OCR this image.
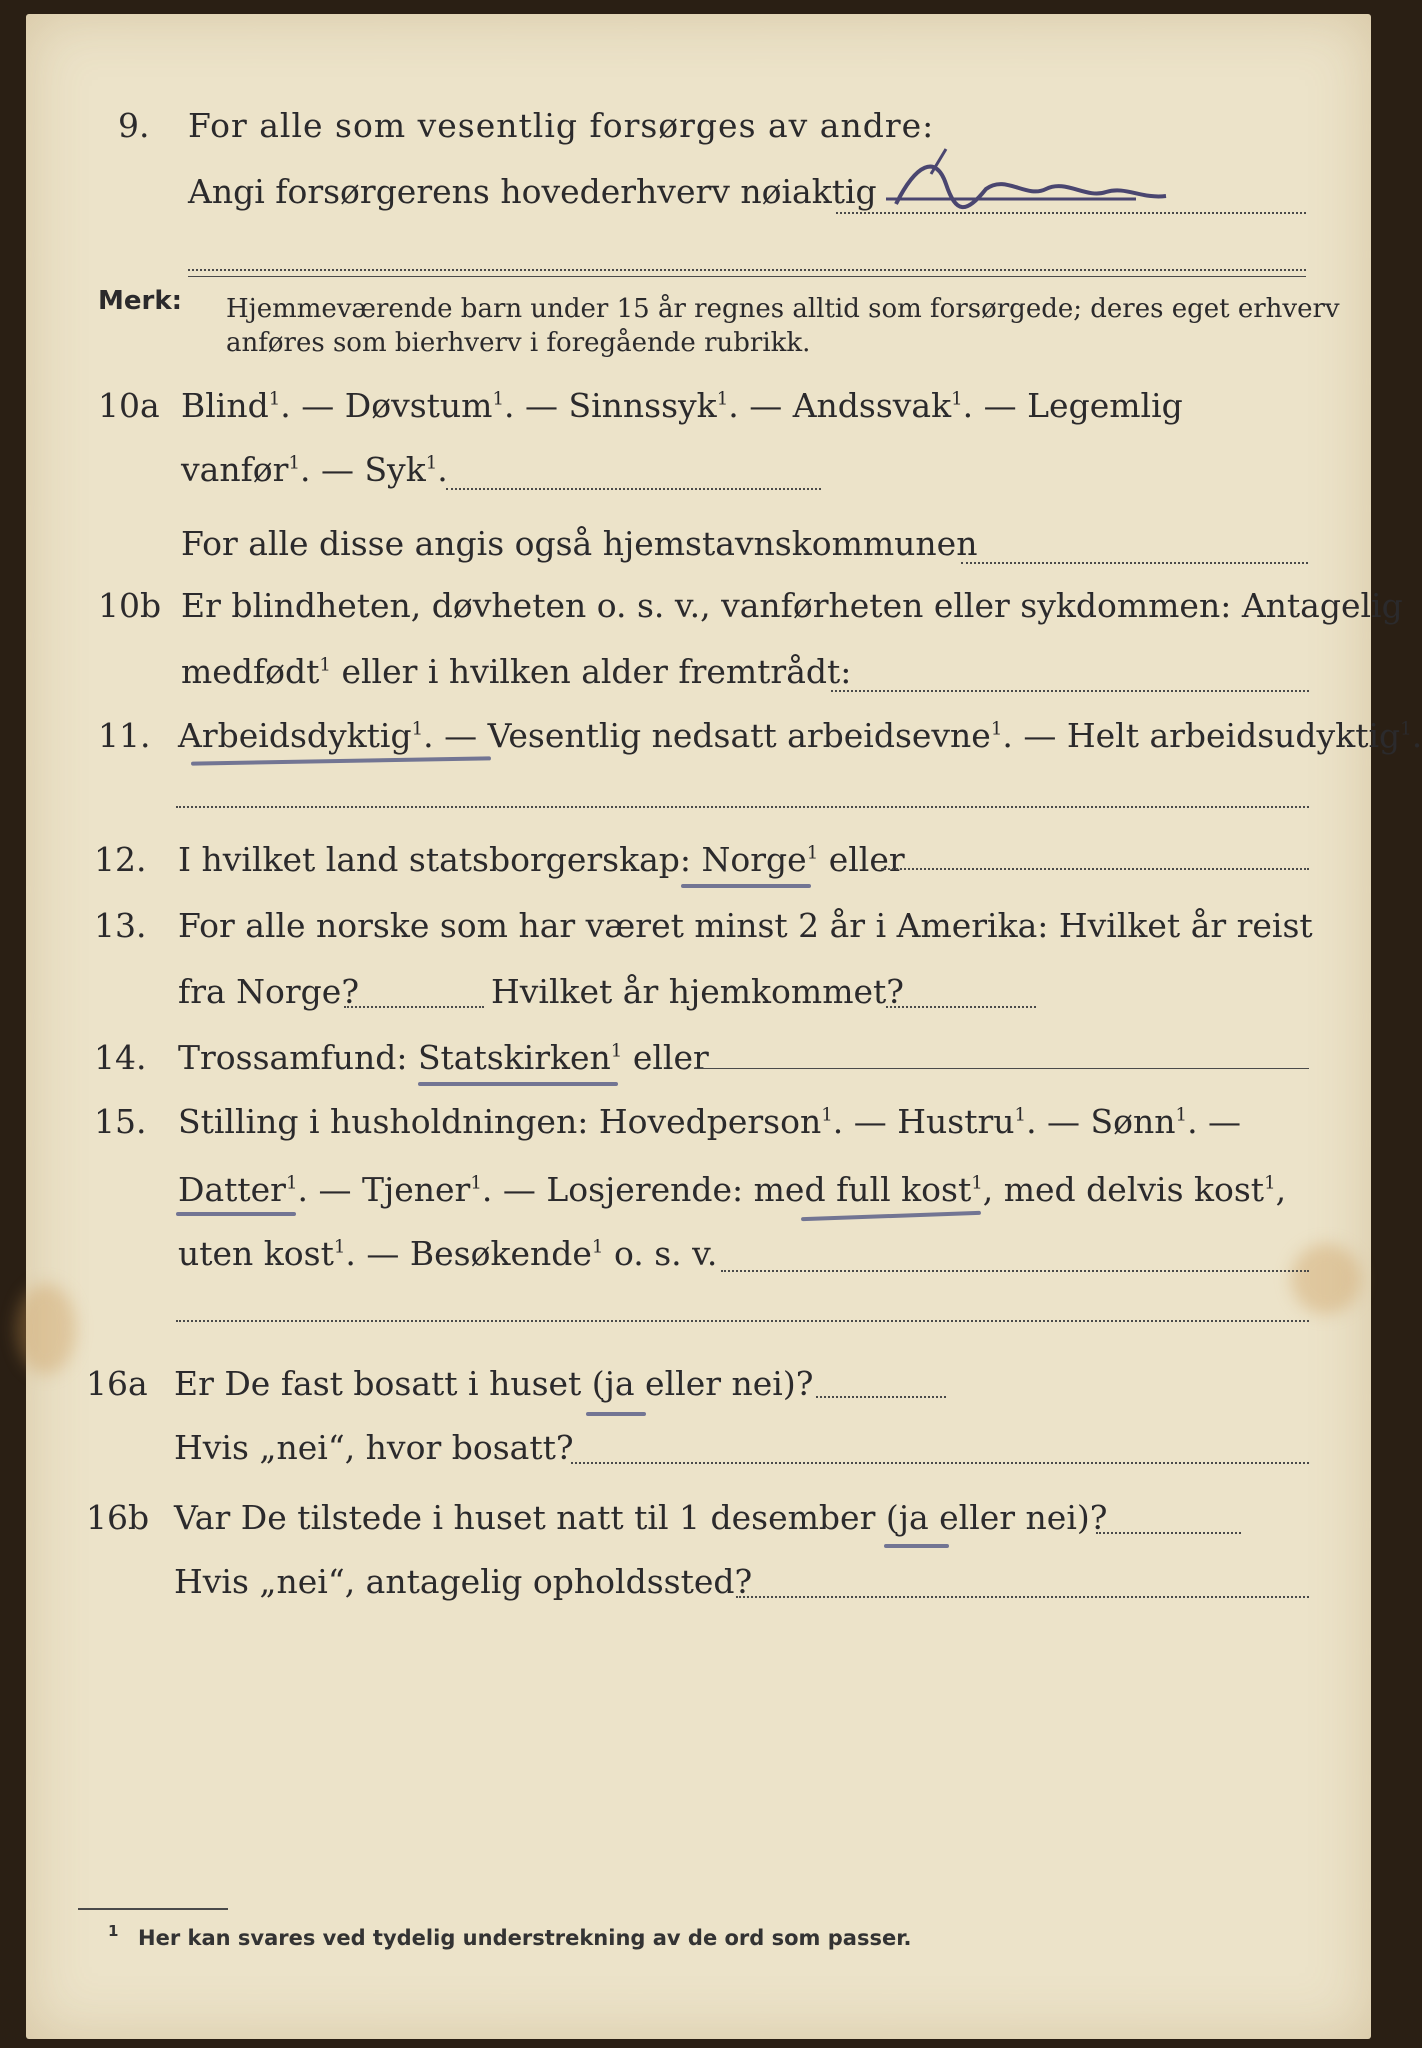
9.	For alle som vesentlig forsørges av andre:
Angi forsørgerens hovederhverv nøiaktig
Merk: Hjemmeværende barn under 15 år regnes alltid som forsørgede; deres eget erhverv
anføres som bierhverv i foregående rubrikk.
10a Blind$^1$. — Døvstum$^1$. — Sinnssyk$^1$. — Andssvak$^1$. — Legemlig
vanfør$^1$. — Syk$^1$.
For alle disse angis også hjemstavnskommunen
10b Er blindheten, døvheten o. s. v., vanførheten eller sykdommen: Antagelig
medfødt$^1$ eller i hvilken alder fremtrådt:
11. Arbeidsdyktig$^1$. — Vesentlig nedsatt arbeidsevne$^1$. — Helt arbeidsudyktig$^1$.
12. I hvilket land statsborgerskap: Norge$^1$ eller
13. For alle norske som har været minst 2 år i Amerika: Hvilket år reist
fra Norge?	Hvilket år hjemkommet?
14. Trossamfund: Statskirken$^1$ eller
15. Stilling i husholdningen: Hovedperson$^1$. — Hustru$^1$. — Sønn$^1$. —
Datter$^1$. — Tjener$^1$. — Losjerende: med full kost$^1$, med delvis kost$^1$,
uten kost$^1$. — Besøkende$^1$ o. s. v.
16a Er De fast bosatt i huset (ja eller nei)?
Hvis „nei“, hvor bosatt?
16b Var De tilstede i huset natt til 1 desember (ja eller nei)?
Hvis „nei“, antagelig opholdssted?
1 Her kan svares ved tydelig understrekning av de ord som passer.
